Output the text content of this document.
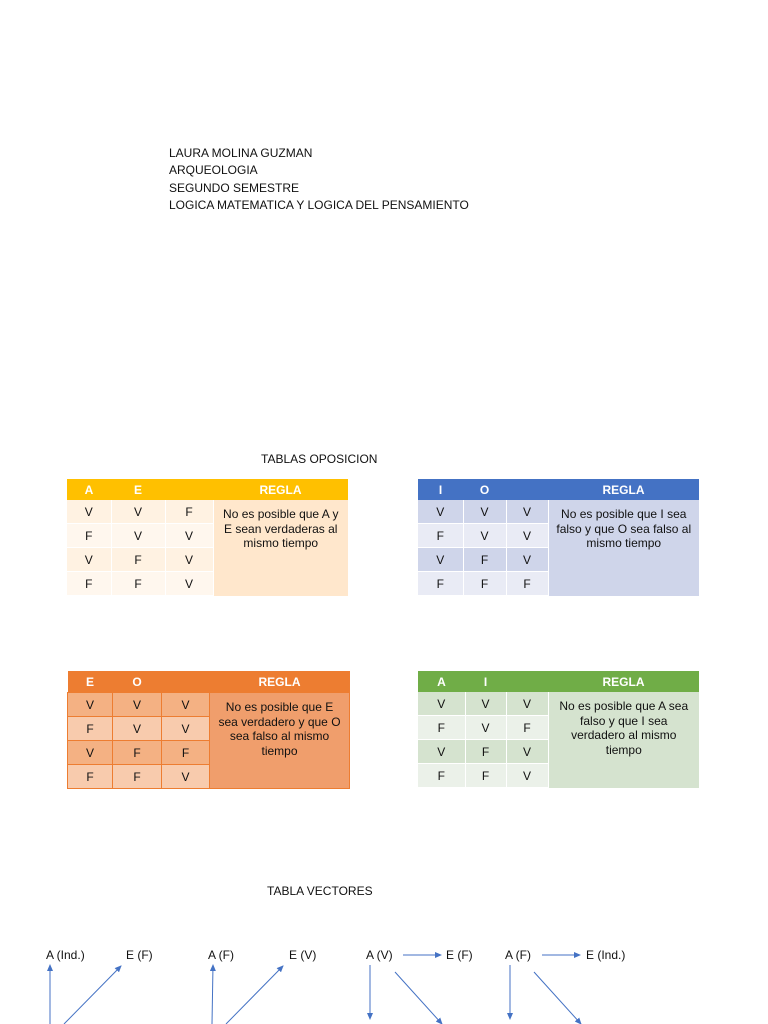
LAURA MOLINA GUZMAN
ARQUEOLOGIA
SEGUNDO SEMESTRE
LOGICA MATEMATICA Y LOGICA DEL PENSAMIENTO
TABLAS OPOSICION
A	E		REGLA
V	V	F	No es posible que A y E sean verdaderas al mismo tiempo
F	V	V	
V	F	V	
F	F	V	
I	O		REGLA
V	V	V	No es posible que I sea falso y que O sea falso al mismo tiempo
F	V	V	
V	F	V	
F	F	F	
E	O		REGLA
V	V	V	No es posible que E sea verdadero y que O sea falso al mismo tiempo
F	V	V	
V	F	F	
F	F	V	
A	I		REGLA
V	V	V	No es posible que A sea falso y que I sea verdadero al mismo tiempo
F	V	F	
V	F	V	
F	F	V	
TABLA VECTORES
A (Ind.)	E (F)	A (F)	E (V)	A (V)	E (F)	A (F)	E (Ind.)
